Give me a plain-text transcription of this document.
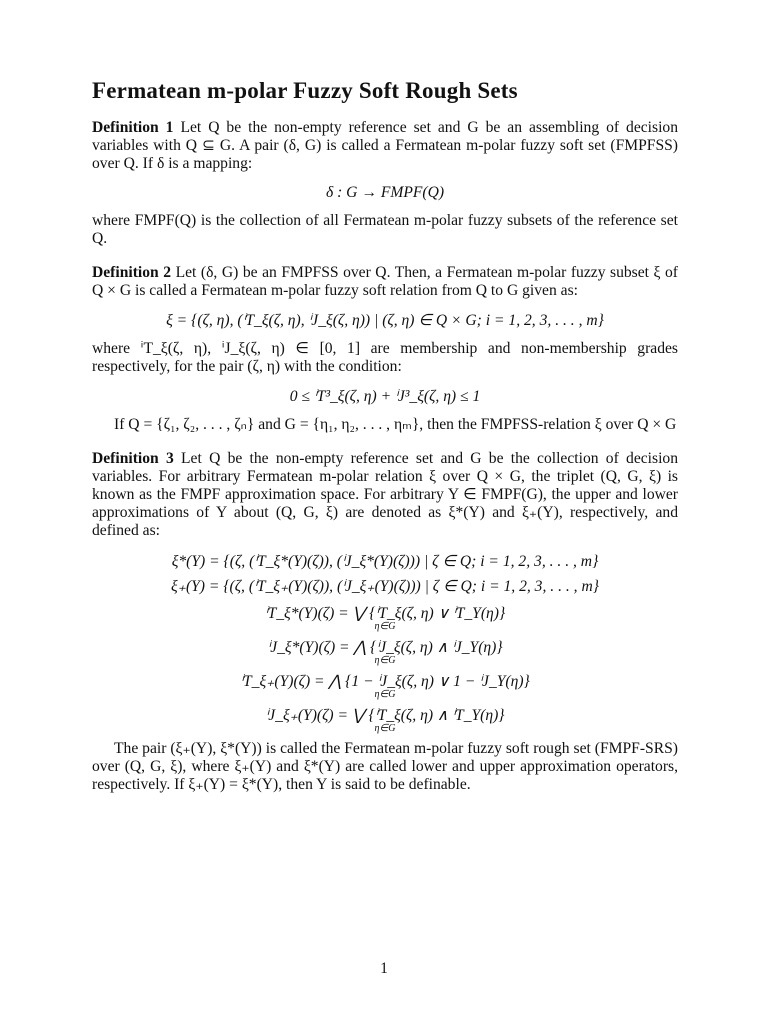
Fermatean m-polar Fuzzy Soft Rough Sets

Definition 1 Let Q be the non-empty reference set and G be an assembling of decision variables with Q ⊆ G. A pair (δ, G) is called a Fermatean m-polar fuzzy soft set (FMPFSS) over Q. If δ is a mapping:

δ : G → FMPF(Q)

where FMPF(Q) is the collection of all Fermatean m-polar fuzzy subsets of the reference set Q.

Definition 2 Let (δ, G) be an FMPFSS over Q. Then, a Fermatean m-polar fuzzy subset ξ of Q × G is called a Fermatean m-polar fuzzy soft relation from Q to G given as:

ξ = {(ζ, η), (ⁱT_ξ(ζ, η), ⁱJ_ξ(ζ, η)) | (ζ, η) ∈ Q × G; i = 1, 2, 3, . . . , m}

where ⁱT_ξ(ζ, η), ⁱJ_ξ(ζ, η) ∈ [0, 1] are membership and non-membership grades respectively, for the pair (ζ, η) with the condition:

0 ≤ ⁱT³_ξ(ζ, η) + ⁱJ³_ξ(ζ, η) ≤ 1

If Q = {ζ₁, ζ₂, . . . , ζₙ} and G = {η₁, η₂, . . . , ηₘ}, then the FMPFSS-relation ξ over Q × G

Definition 3 Let Q be the non-empty reference set and G be the collection of decision variables. For arbitrary Fermatean m-polar relation ξ over Q × G, the triplet (Q, G, ξ) is known as the FMPF approximation space. For arbitrary Y ∈ FMPF(G), the upper and lower approximations of Y about (Q, G, ξ) are denoted as ξ*(Y) and ξ₊(Y), respectively, and defined as:

ξ*(Y) = {(ζ, (ⁱT_ξ*(Y)(ζ)), (ⁱJ_ξ*(Y)(ζ))) | ζ ∈ Q; i = 1, 2, 3, . . . , m}
ξ₊(Y) = {(ζ, (ⁱT_ξ₊(Y)(ζ)), (ⁱJ_ξ₊(Y)(ζ))) | ζ ∈ Q; i = 1, 2, 3, . . . , m}
ⁱT_ξ*(Y)(ζ) = ⋁ {ⁱT_ξ(ζ, η) ∨ ⁱT_Y(η)}
η∈G
ⁱJ_ξ*(Y)(ζ) = ⋀ {ⁱJ_ξ(ζ, η) ∧ ⁱJ_Y(η)}
η∈G
ⁱT_ξ₊(Y)(ζ) = ⋀ {1 − ⁱJ_ξ(ζ, η) ∨ 1 − ⁱJ_Y(η)}
η∈G
ⁱJ_ξ₊(Y)(ζ) = ⋁ {ⁱT_ξ(ζ, η) ∧ ⁱT_Y(η)}
η∈G

The pair (ξ₊(Y), ξ*(Y)) is called the Fermatean m-polar fuzzy soft rough set (FMPF-SRS) over (Q, G, ξ), where ξ₊(Y) and ξ*(Y) are called lower and upper approximation operators, respectively. If ξ₊(Y) = ξ*(Y), then Y is said to be definable.

1
